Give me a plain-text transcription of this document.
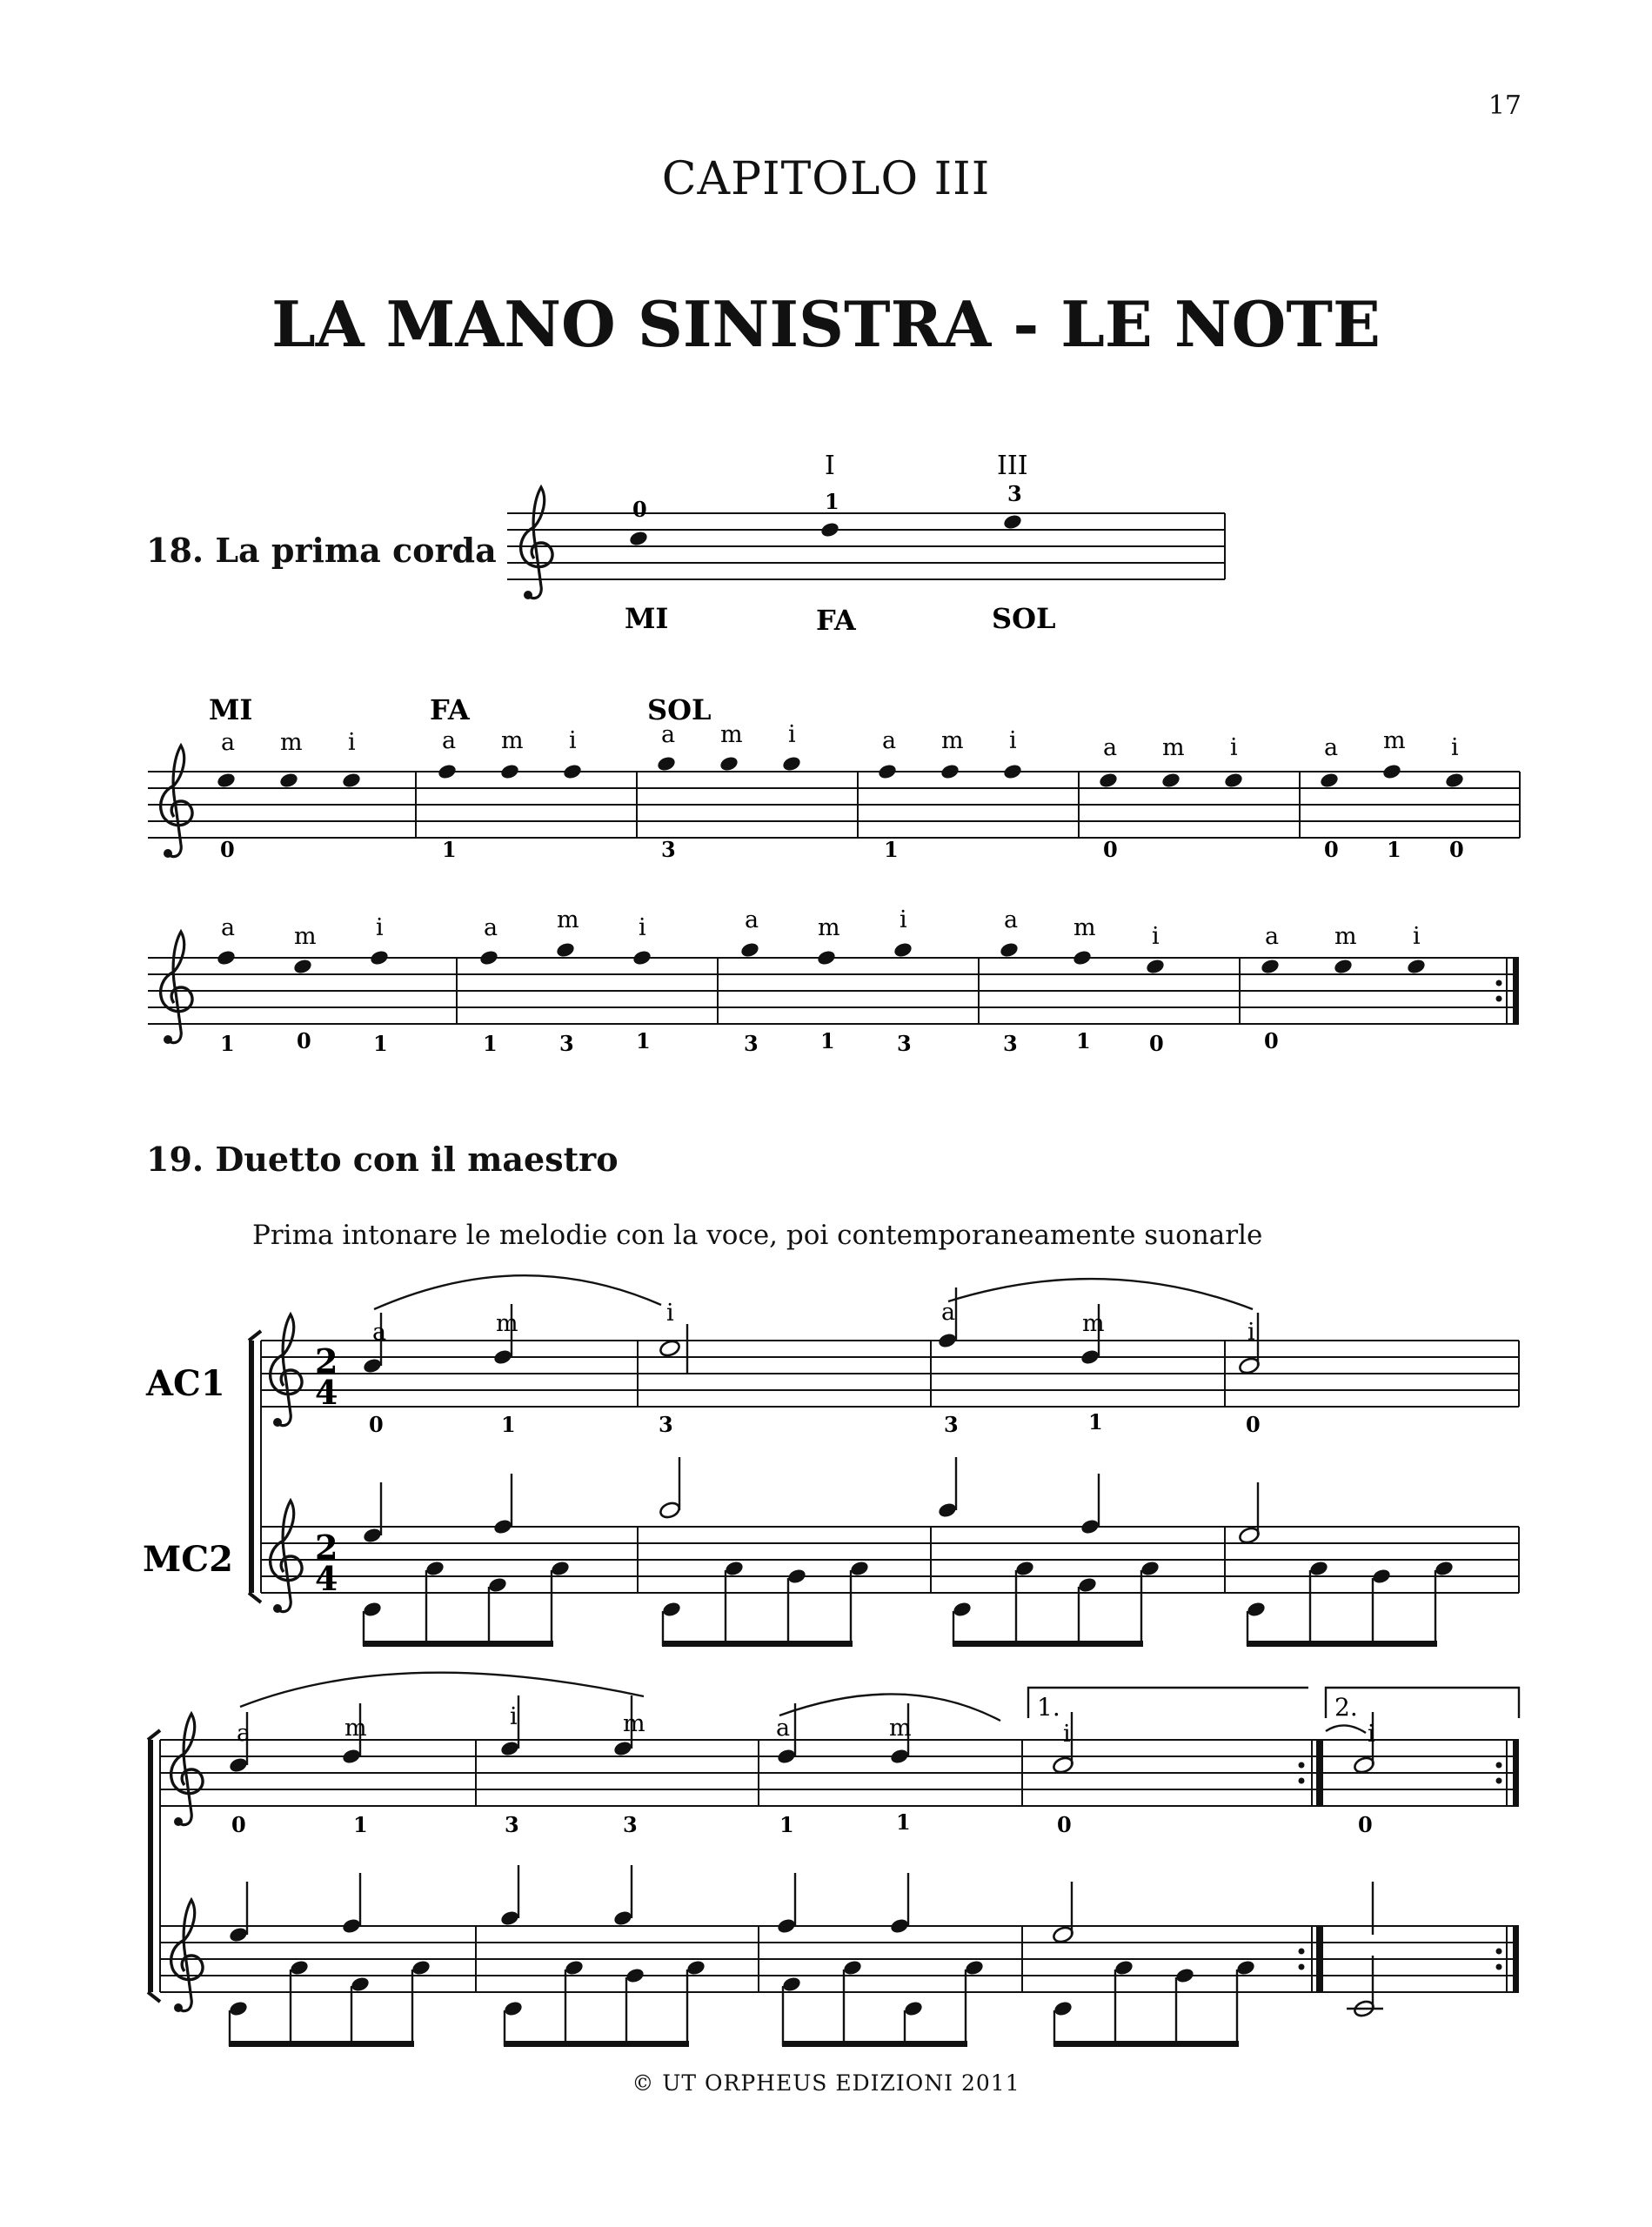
17
CAPITOLO III
LA MANO SINISTRA - LE NOTE
18. La prima corda
19. Duetto con il maestro
Prima intonare le melodie con la voce, poi contemporaneamente suonarle
0	1	3
I	III
MI	FA	SOL
MI	FA	SOL
a m i	a m i	a m i	a m i	a m i	a m i
0	1	3	1	0	0 1 0
a	m	i	a	m	i	a	m	i	a m i	a m i
1	0	1	1	3	1	3	1	3	3	1	0	0
AC1
MC2
2
4
2
4
a	m	i	a	m	i
0	1	3	3	1	0
1.	2.
a	m	i	m	a	m	i	i
0	1	3	3	1	1	0	0
© UT ORPHEUS EDIZIONI 2011
